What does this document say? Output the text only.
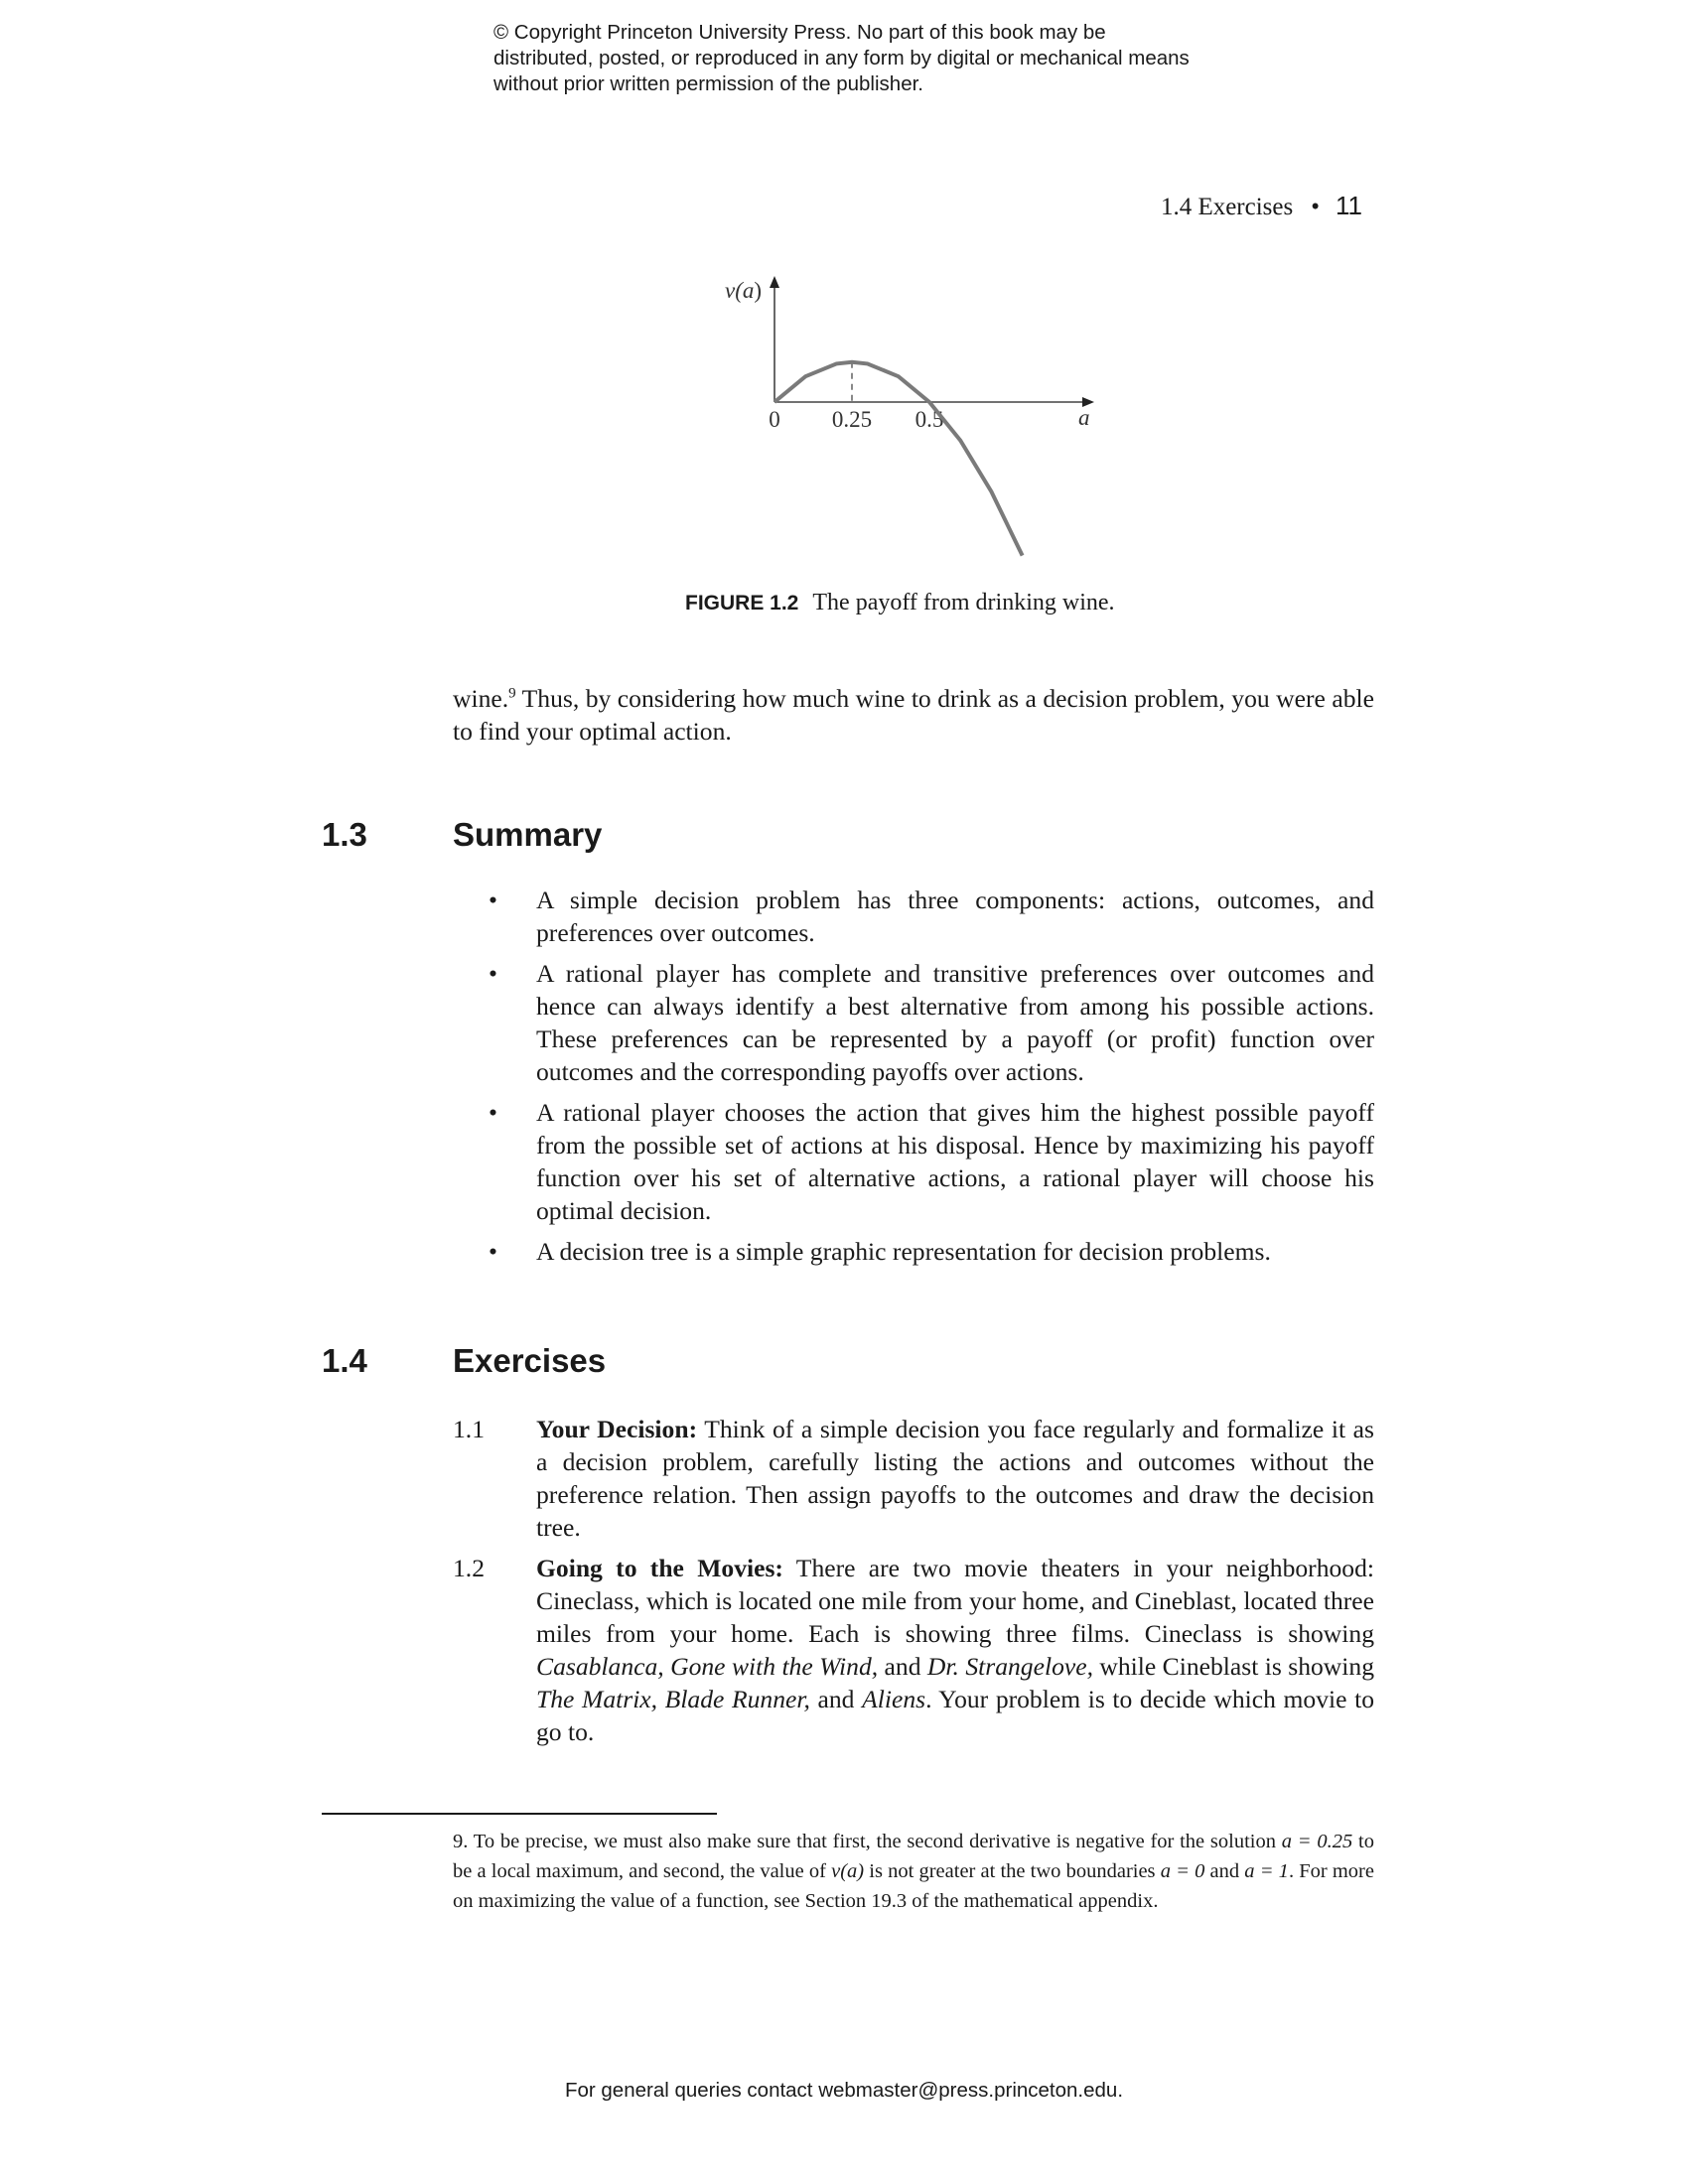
© Copyright Princeton University Press. No part of this book may be distributed, posted, or reproduced in any form by digital or mechanical means without prior written permission of the publisher.
1.4 Exercises • 11
v(a)
a
0 0.25 0.5
FIGURE 1.2 The payoff from drinking wine.
wine.$^9$ Thus, by considering how much wine to drink as a decision problem, you were able to find your optimal action.
1.3	Summary
• A simple decision problem has three components: actions, outcomes, and preferences over outcomes.
• A rational player has complete and transitive preferences over outcomes and hence can always identify a best alternative from among his possible actions. These preferences can be represented by a payoff (or profit) function over outcomes and the corresponding payoffs over actions.
• A rational player chooses the action that gives him the highest possible payoff from the possible set of actions at his disposal. Hence by maximizing his payoff function over his set of alternative actions, a rational player will choose his optimal decision.
• A decision tree is a simple graphic representation for decision problems.
1.4	Exercises
1.1 Your Decision: Think of a simple decision you face regularly and formalize it as a decision problem, carefully listing the actions and outcomes without the preference relation. Then assign payoffs to the outcomes and draw the decision tree.
1.2 Going to the Movies: There are two movie theaters in your neighborhood: Cineclass, which is located one mile from your home, and Cineblast, located three miles from your home. Each is showing three films. Cineclass is showing Casablanca, Gone with the Wind, and Dr. Strangelove, while Cineblast is showing The Matrix, Blade Runner, and Aliens. Your problem is to decide which movie to go to.
9. To be precise, we must also make sure that first, the second derivative is negative for the solution a = 0.25 to be a local maximum, and second, the value of v(a) is not greater at the two boundaries a = 0 and a = 1. For more on maximizing the value of a function, see Section 19.3 of the mathematical appendix.
For general queries contact webmaster@press.princeton.edu.
